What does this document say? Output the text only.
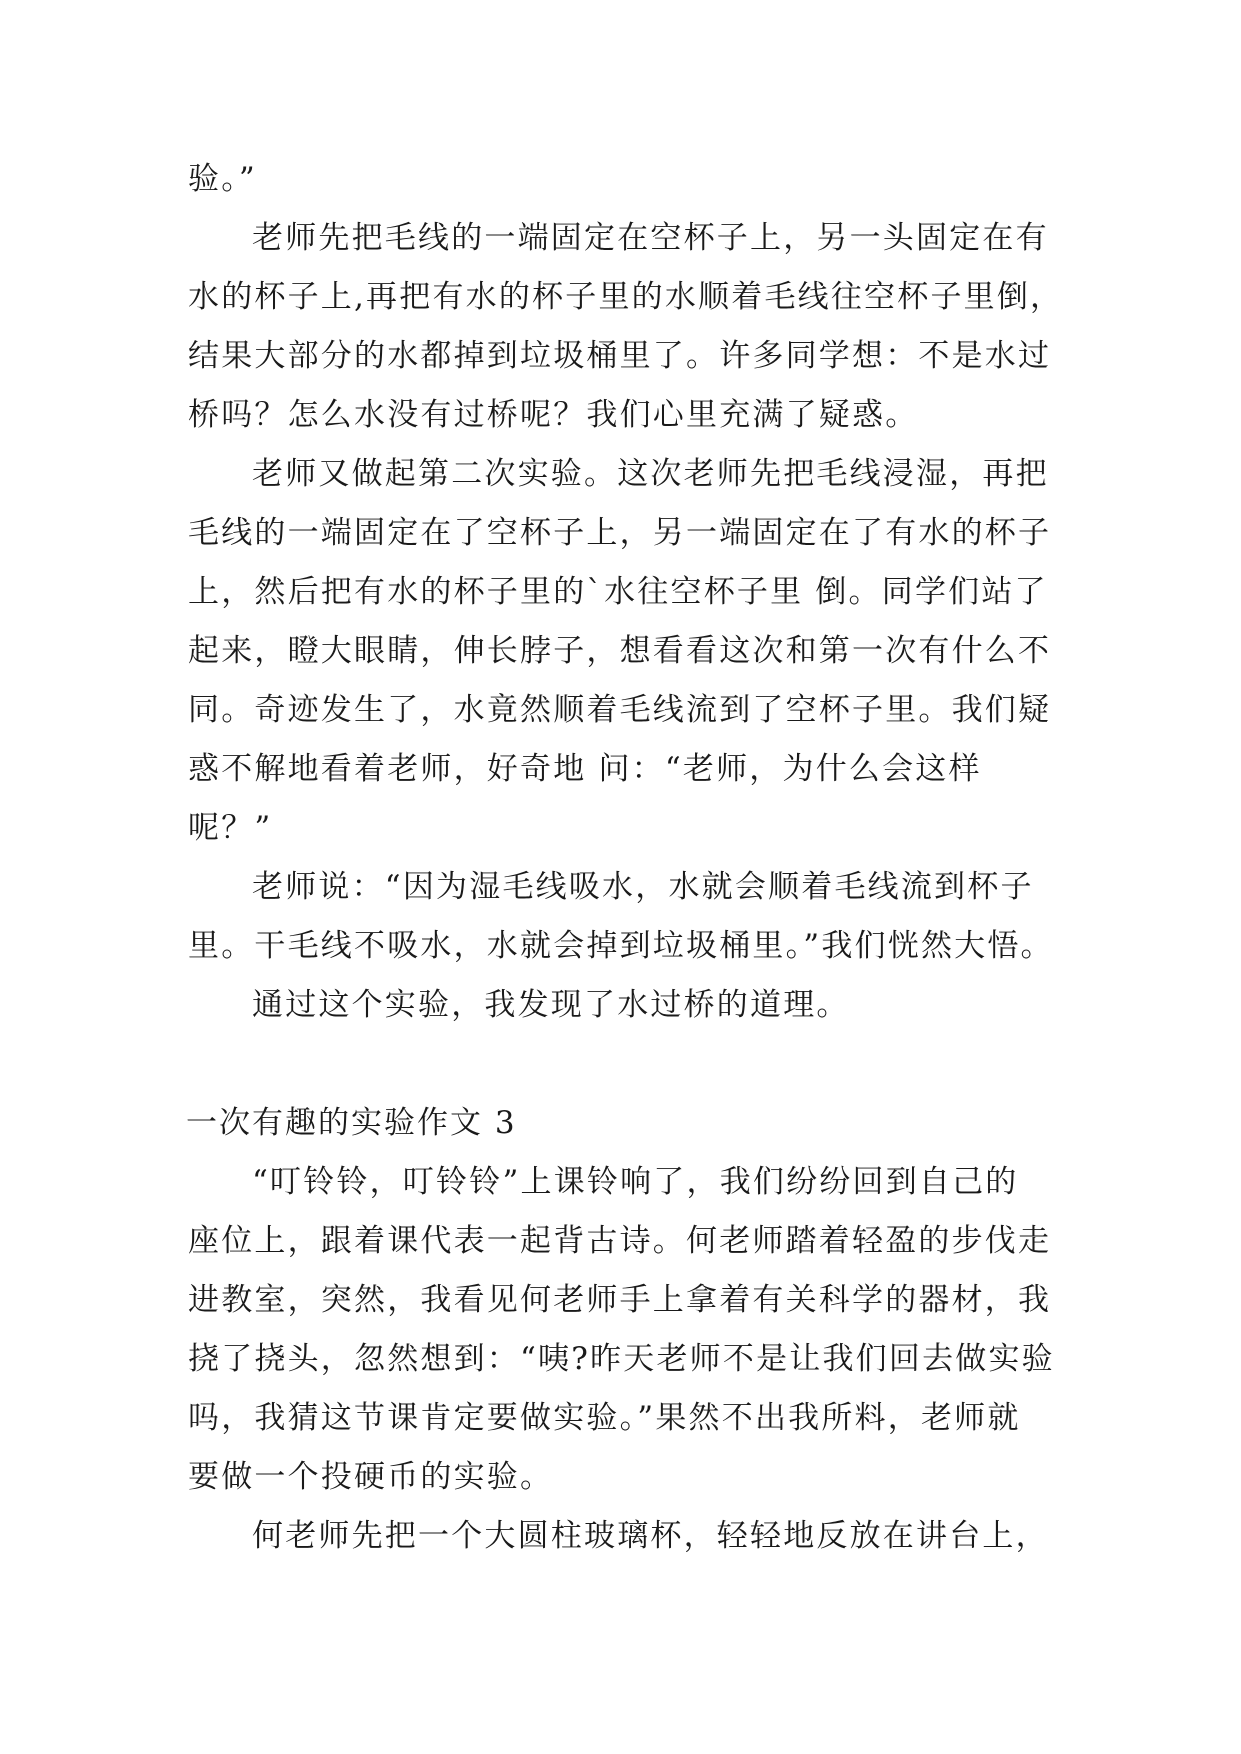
验。”
老师先把毛线的一端固定在空杯子上，另一头固定在有
水的杯子上,再把有水的杯子里的水顺着毛线往空杯子里倒，
结果大部分的水都掉到垃圾桶里了。许多同学想：不是水过
桥吗？怎么水没有过桥呢？我们心里充满了疑惑。
老师又做起第二次实验。这次老师先把毛线浸湿，再把
毛线的一端固定在了空杯子上，另一端固定在了有水的杯子
上，然后把有水的杯子里的`水往空杯子里 倒。同学们站了
起来，瞪大眼睛，伸长脖子，想看看这次和第一次有什么不
同。奇迹发生了，水竟然顺着毛线流到了空杯子里。我们疑
惑不解地看着老师，好奇地 问：“老师，为什么会这样
呢？”
老师说：“因为湿毛线吸水，水就会顺着毛线流到杯子
里。干毛线不吸水，水就会掉到垃圾桶里。”我们恍然大悟。
通过这个实验，我发现了水过桥的道理。
一次有趣的实验作文 3
“叮铃铃，叮铃铃”上课铃响了，我们纷纷回到自己的
座位上，跟着课代表一起背古诗。何老师踏着轻盈的步伐走
进教室，突然，我看见何老师手上拿着有关科学的器材，我
挠了挠头，忽然想到：“咦?昨天老师不是让我们回去做实验
吗，我猜这节课肯定要做实验。”果然不出我所料，老师就
要做一个投硬币的实验。
何老师先把一个大圆柱玻璃杯，轻轻地反放在讲台上，
